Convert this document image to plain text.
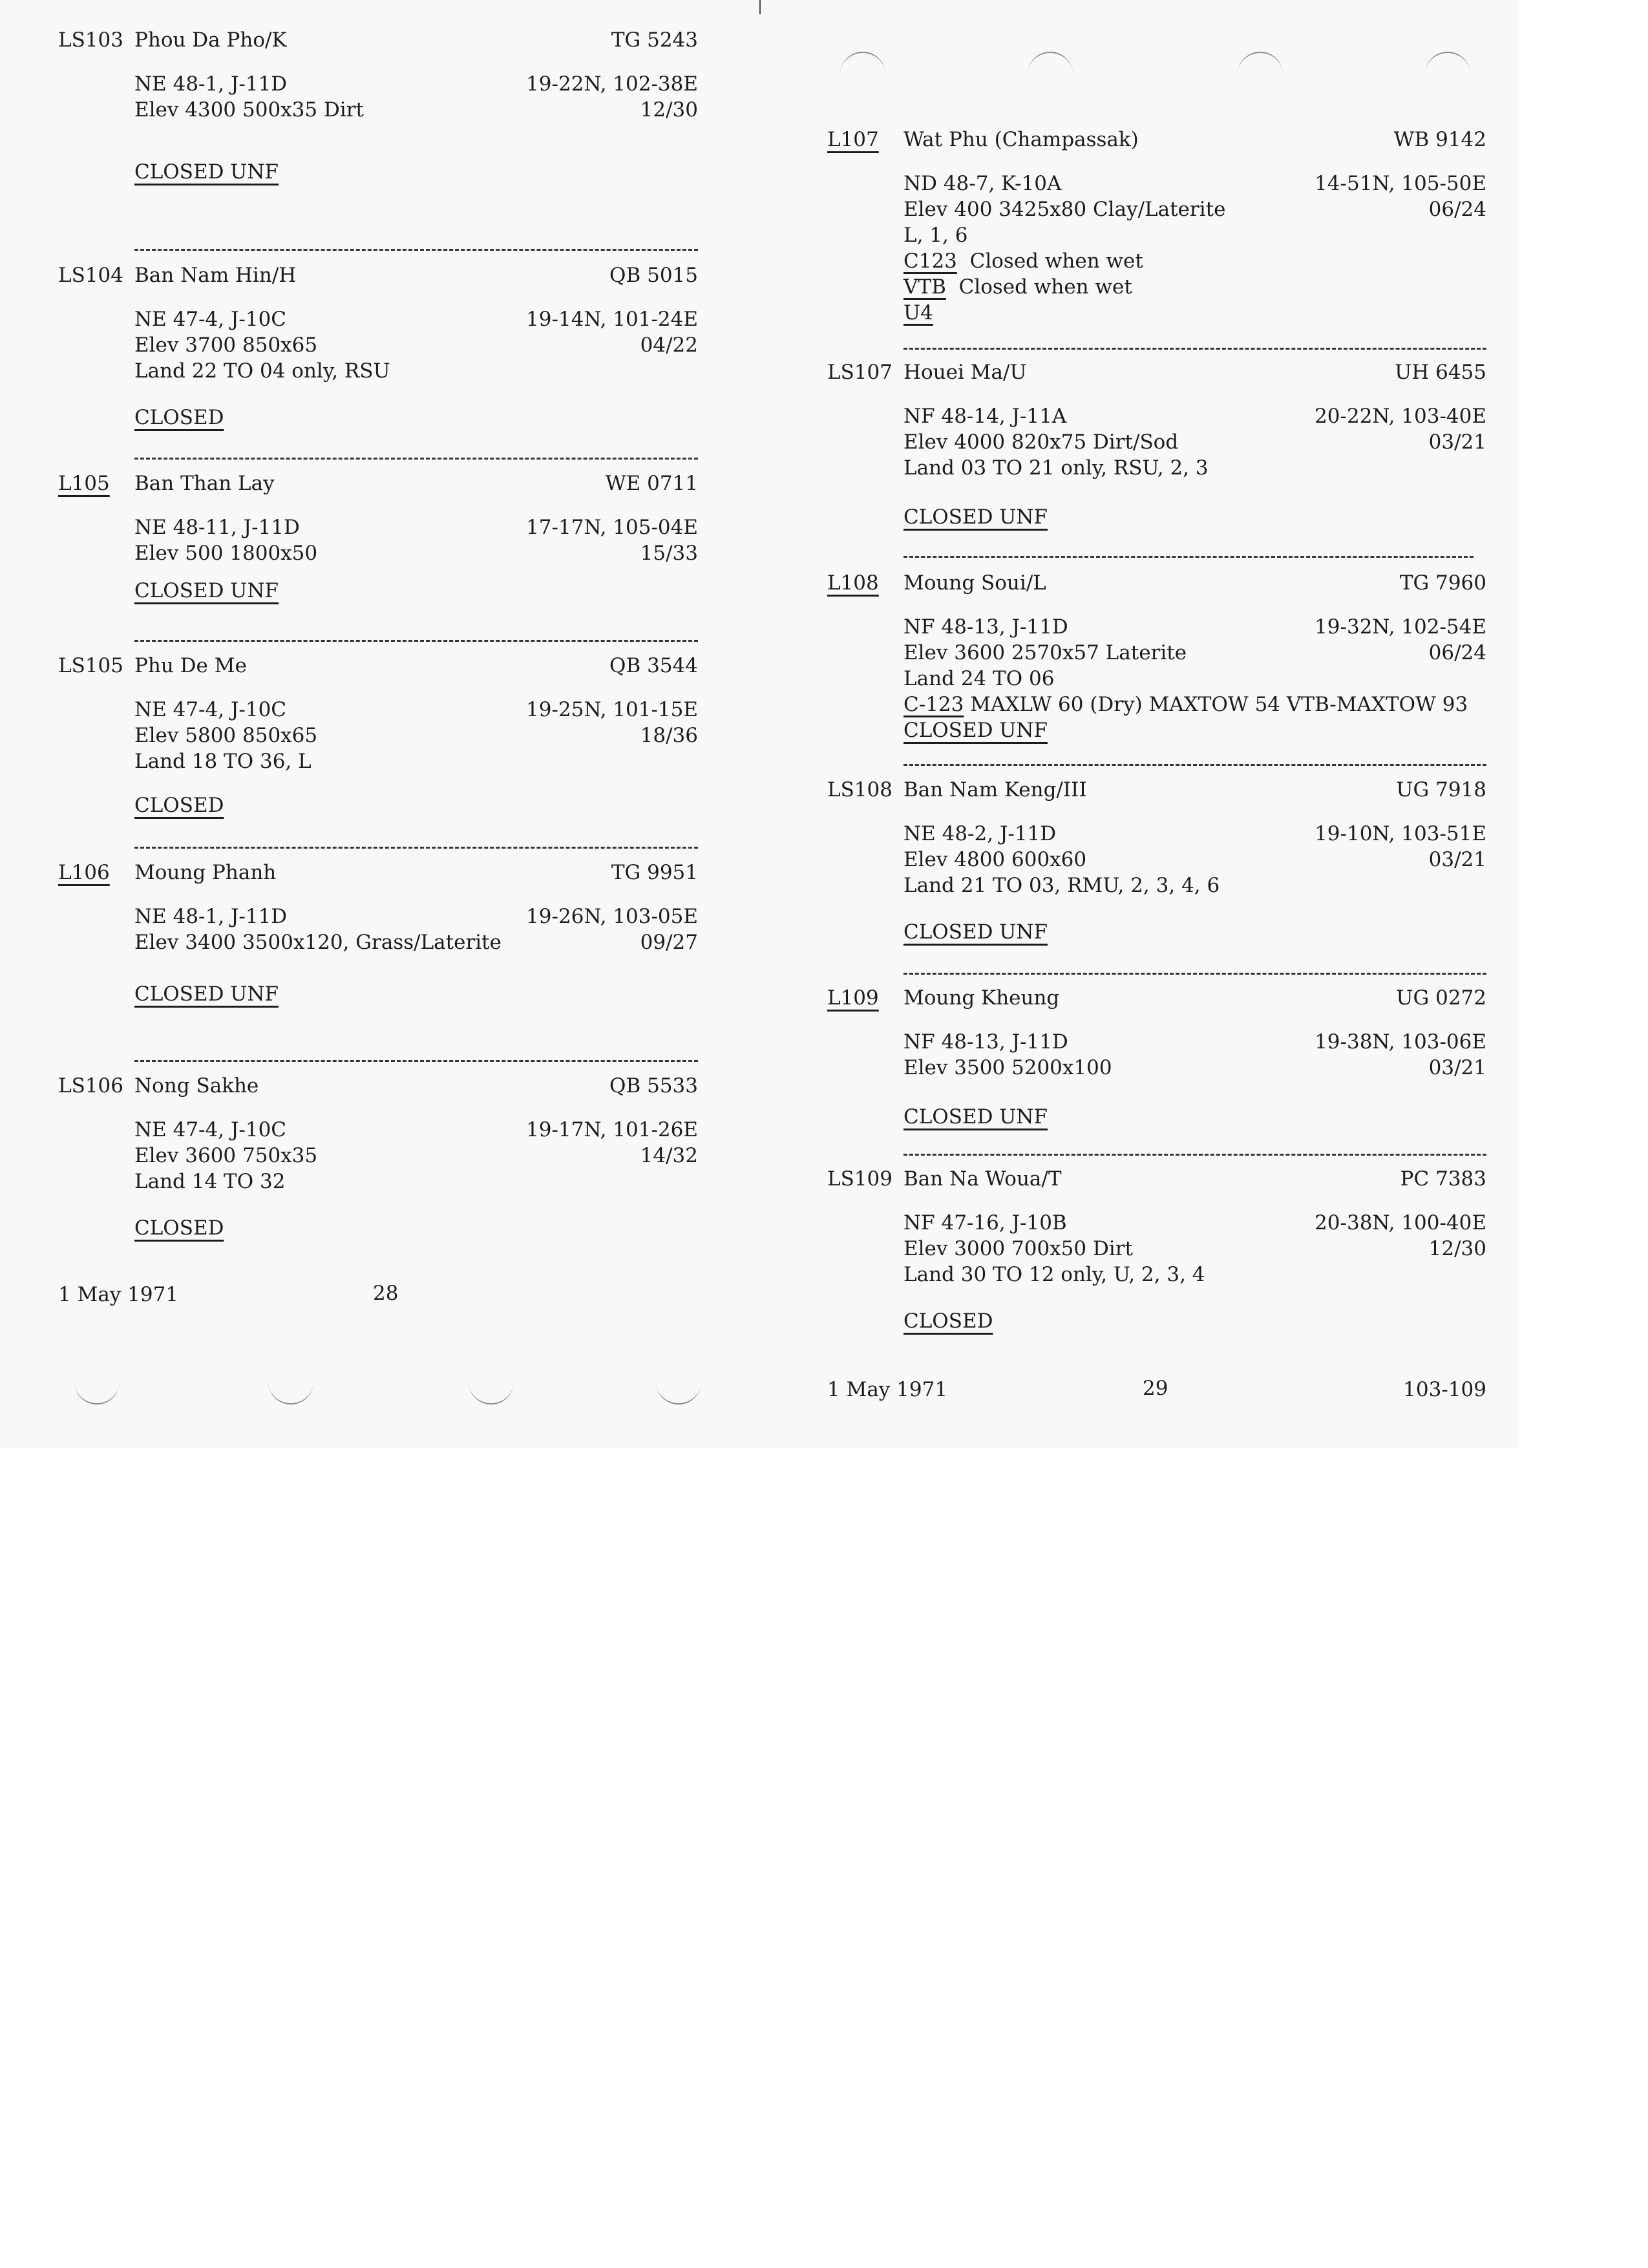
LS103 Phou Da Pho/K	TG 5243
NE 48-1, J-11D	19-22N, 102-38E
Elev 4300 500x35 Dirt	12/30
CLOSED UNF
LS104 Ban Nam Hin/H	QB 5015
NE 47-4, J-10C	19-14N, 101-24E
Elev 3700 850x65	04/22
Land 22 TO 04 only, RSU
CLOSED
L105 Ban Than Lay	WE 0711
NE 48-11, J-11D	17-17N, 105-04E
Elev 500 1800x50	15/33
CLOSED UNF
LS105 Phu De Me	QB 3544
NE 47-4, J-10C	19-25N, 101-15E
Elev 5800 850x65	18/36
Land 18 TO 36, L
CLOSED
L106 Moung Phanh	TG 9951
NE 48-1, J-11D	19-26N, 103-05E
Elev 3400 3500x120, Grass/Laterite	09/27
CLOSED UNF
LS106 Nong Sakhe	QB 5533
NE 47-4, J-10C	19-17N, 101-26E
Elev 3600 750x35	14/32
Land 14 TO 32
CLOSED
1 May 1971	28
L107 Wat Phu (Champassak)	WB 9142
ND 48-7, K-10A	14-51N, 105-50E
Elev 400 3425x80 Clay/Laterite	06/24
L, 1, 6
C123 Closed when wet
VTB Closed when wet
U4
LS107 Houei Ma/U	UH 6455
NF 48-14, J-11A	20-22N, 103-40E
Elev 4000 820x75 Dirt/Sod	03/21
Land 03 TO 21 only, RSU, 2, 3
CLOSED UNF
L108 Moung Soui/L	TG 7960
NF 48-13, J-11D	19-32N, 102-54E
Elev 3600 2570x57 Laterite	06/24
Land 24 TO 06
C-123 MAXLW 60 (Dry) MAXTOW 54 VTB-MAXTOW 93
CLOSED UNF
LS108 Ban Nam Keng/III	UG 7918
NE 48-2, J-11D	19-10N, 103-51E
Elev 4800 600x60	03/21
Land 21 TO 03, RMU, 2, 3, 4, 6
CLOSED UNF
L109 Moung Kheung	UG 0272
NF 48-13, J-11D	19-38N, 103-06E
Elev 3500 5200x100	03/21
CLOSED UNF
LS109 Ban Na Woua/T	PC 7383
NF 47-16, J-10B	20-38N, 100-40E
Elev 3000 700x50 Dirt	12/30
Land 30 TO 12 only, U, 2, 3, 4
CLOSED
1 May 1971	29	103-109
